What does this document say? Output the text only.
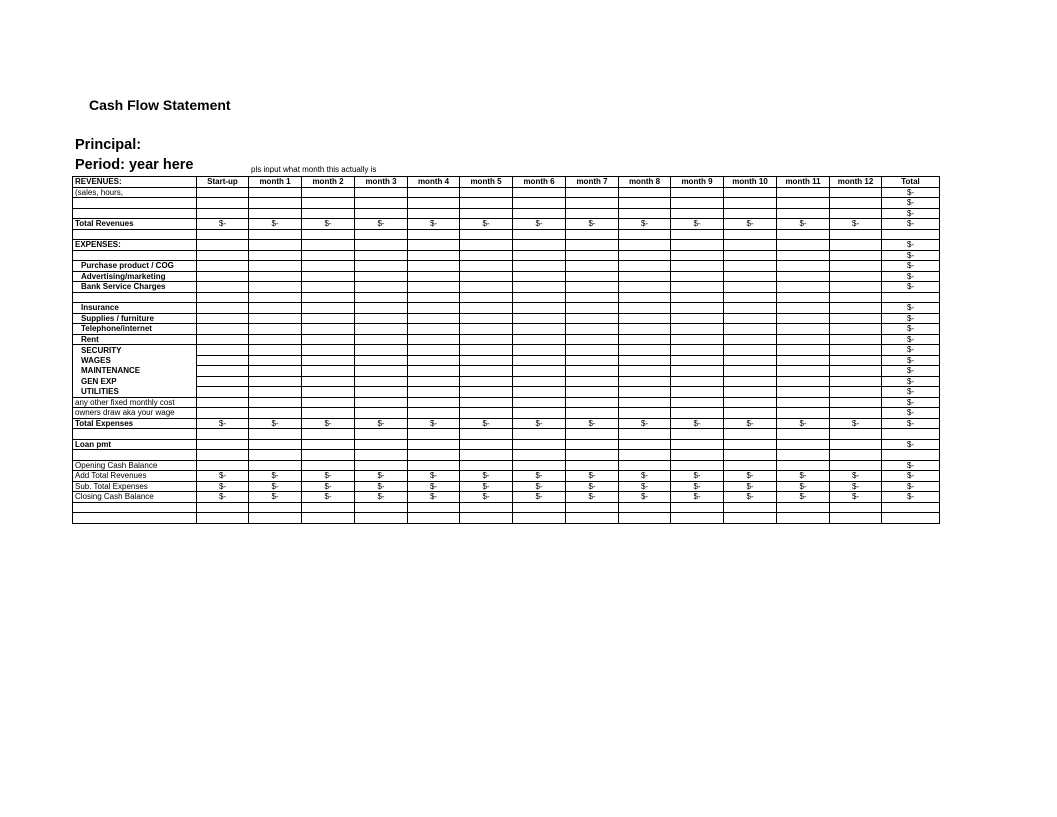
Cash Flow Statement
Principal:
Period: year here	pls input what month this actually is
REVENUES:	Start-up	month 1	month 2	month 3	month 4	month 5	month 6	month 7	month 8	month 9	month 10	month 11	month 12	Total
(sales, hours,														$-
														$-
														$-
Total Revenues	$-	$-	$-	$-	$-	$-	$-	$-	$-	$-	$-	$-	$-	$-

EXPENSES:														$-
														$-
Purchase product / COG														$-
Advertising/marketing														$-
Bank Service Charges														$-

Insurance														$-
Supplies / furniture														$-
Telephone/internet														$-
Rent														$-
SECURITY														$-
WAGES														$-
MAINTENANCE														$-
GEN EXP														$-
UTILITIES														$-
any other fixed monthly cost														$-
owners draw aka your wage														$-
Total Expenses	$-	$-	$-	$-	$-	$-	$-	$-	$-	$-	$-	$-	$-	$-

Loan pmt														$-

Opening Cash Balance														$-
Add Total Revenues	$-	$-	$-	$-	$-	$-	$-	$-	$-	$-	$-	$-	$-	$-
Sub. Total Expenses	$-	$-	$-	$-	$-	$-	$-	$-	$-	$-	$-	$-	$-	$-
Closing Cash Balance	$-	$-	$-	$-	$-	$-	$-	$-	$-	$-	$-	$-	$-	$-
